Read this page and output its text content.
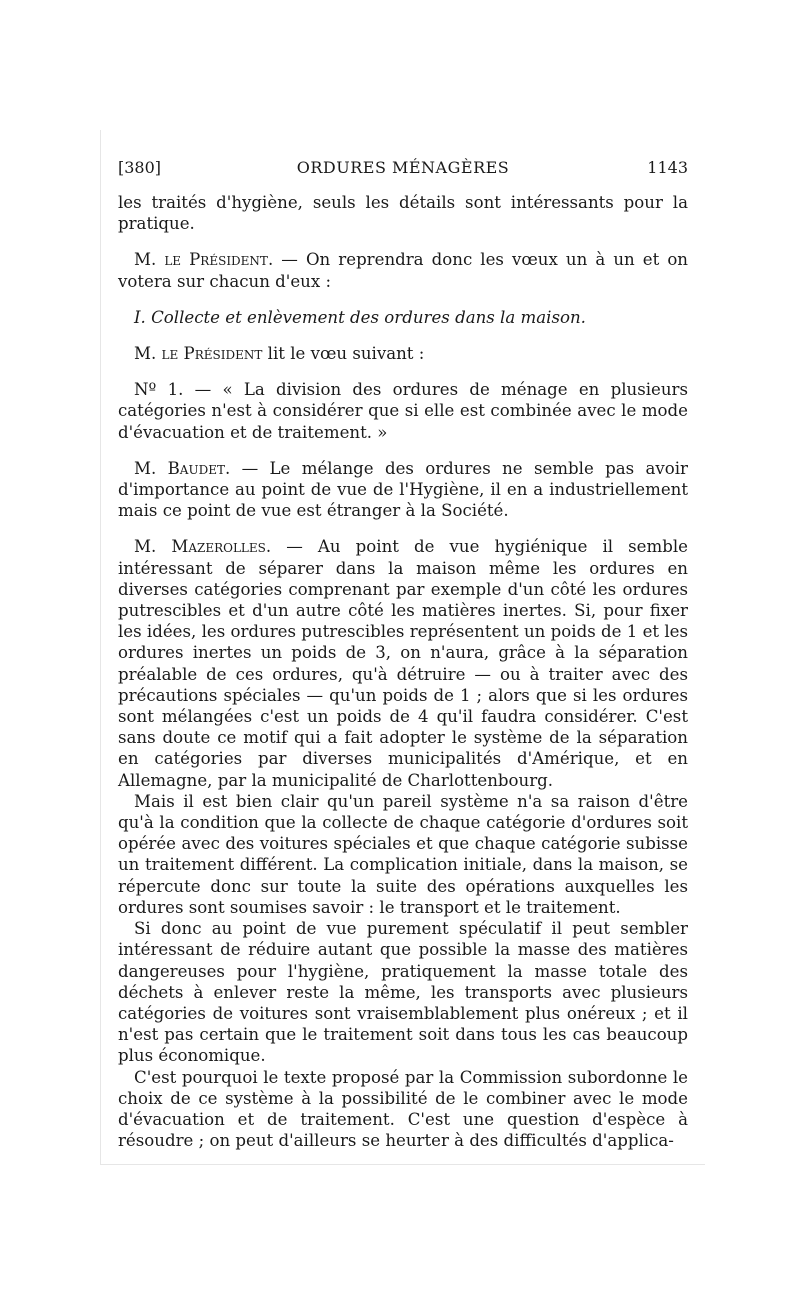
[380]	ORDURES MÉNAGÈRES	1143

les traités d'hygiène, seuls les détails sont intéressants pour la pratique.

M. le Président. — On reprendra donc les vœux un à un et on votera sur chacun d'eux :

I. Collecte et enlèvement des ordures dans la maison.

M. le Président lit le vœu suivant :

Nº 1. — « La division des ordures de ménage en plusieurs catégories n'est à considérer que si elle est combinée avec le mode d'évacuation et de traitement. »

M. Baudet. — Le mélange des ordures ne semble pas avoir d'importance au point de vue de l'Hygiène, il en a industriellement mais ce point de vue est étranger à la Société.

M. Mazerolles. — Au point de vue hygiénique il semble intéressant de séparer dans la maison même les ordures en diverses catégories comprenant par exemple d'un côté les ordures putrescibles et d'un autre côté les matières inertes. Si, pour fixer les idées, les ordures putrescibles représentent un poids de 1 et les ordures inertes un poids de 3, on n'aura, grâce à la séparation préalable de ces ordures, qu'à détruire — ou à traiter avec des précautions spéciales — qu'un poids de 1 ; alors que si les ordures sont mélangées c'est un poids de 4 qu'il faudra considérer. C'est sans doute ce motif qui a fait adopter le système de la séparation en catégories par diverses municipalités d'Amérique, et en Allemagne, par la municipalité de Charlottenbourg.

Mais il est bien clair qu'un pareil système n'a sa raison d'être qu'à la condition que la collecte de chaque catégorie d'ordures soit opérée avec des voitures spéciales et que chaque catégorie subisse un traitement différent. La complication initiale, dans la maison, se répercute donc sur toute la suite des opérations auxquelles les ordures sont soumises savoir : le transport et le traitement.

Si donc au point de vue purement spéculatif il peut sembler intéressant de réduire autant que possible la masse des matières dangereuses pour l'hygiène, pratiquement la masse totale des déchets à enlever reste la même, les transports avec plusieurs catégories de voitures sont vraisemblablement plus onéreux ; et il n'est pas certain que le traitement soit dans tous les cas beaucoup plus économique.

C'est pourquoi le texte proposé par la Commission subordonne le choix de ce système à la possibilité de le combiner avec le mode d'évacuation et de traitement. C'est une question d'espèce à résoudre ; on peut d'ailleurs se heurter à des difficultés d'applica-
